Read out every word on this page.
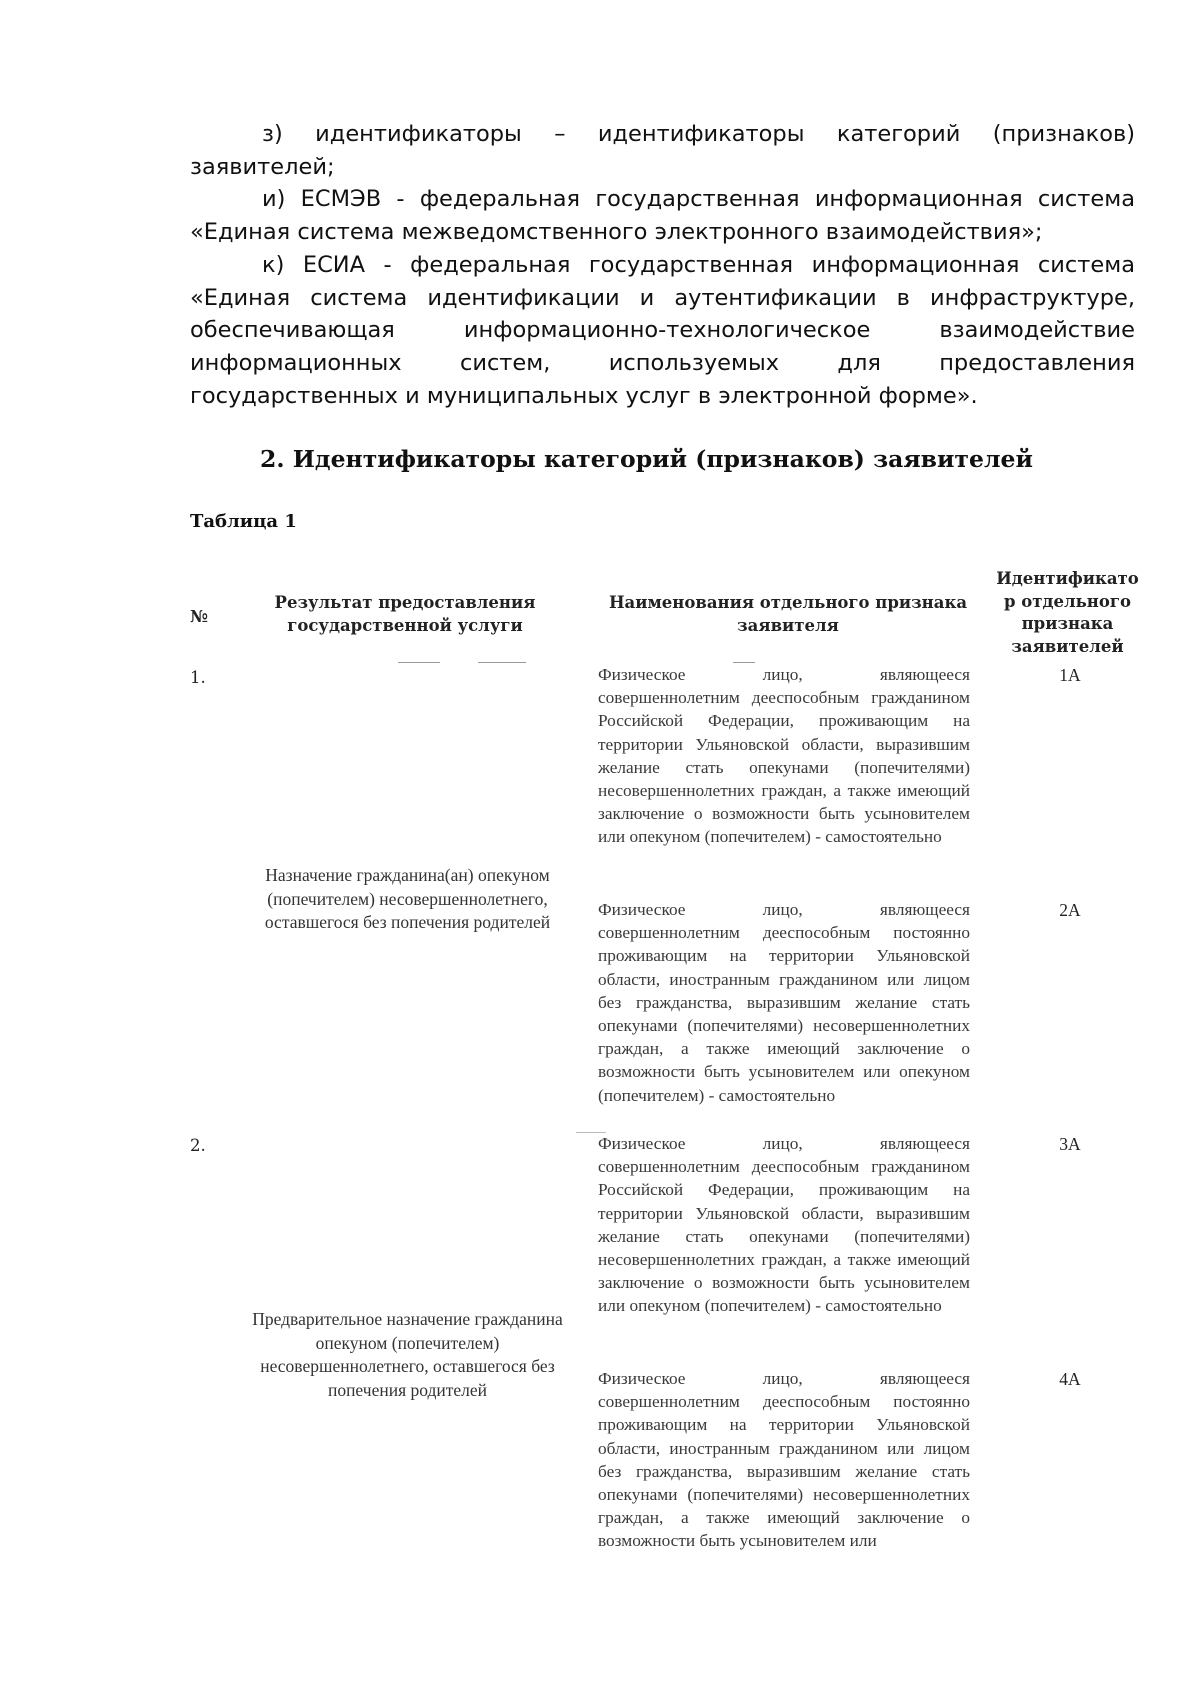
з) идентификаторы – идентификаторы категорий (признаков) заявителей;

и) ЕСМЭВ - федеральная государственная информационная система «Единая система межведомственного электронного взаимодействия»;

к) ЕСИА - федеральная государственная информационная система «Единая система идентификации и аутентификации в инфраструктуре, обеспечивающая информационно-технологическое взаимодействие информационных систем, используемых для предоставления государственных и муниципальных услуг в электронной форме».

2. Идентификаторы категорий (признаков) заявителей
Таблица 1
№
Результат предоставления государственной услуги
Наименования отдельного признака заявителя
Идентификато р отдельного признака заявителей
1.
Назначение гражданина(ан) опекуном (попечителем) несовершеннолетнего, оставшегося без попечения родителей

Физическое лицо, являющееся совершеннолетним дееспособным гражданином Российской Федерации, проживающим на территории Ульяновской области, выразившим желание стать опекунами (попечителями) несовершеннолетних граждан, а также имеющий заключение о возможности быть усыновителем или опекуном (попечителем) - самостоятельно

1А

Физическое лицо, являющееся совершеннолетним дееспособным постоянно проживающим на территории Ульяновской области, иностранным гражданином или лицом без гражданства, выразившим желание стать опекунами (попечителями) несовершеннолетних граждан, а также имеющий заключение о возможности быть усыновителем или опекуном (попечителем) - самостоятельно

2А
2.
Предварительное назначение гражданина опекуном (попечителем) несовершеннолетнего, оставшегося без попечения родителей

Физическое лицо, являющееся совершеннолетним дееспособным гражданином Российской Федерации, проживающим на территории Ульяновской области, выразившим желание стать опекунами (попечителями) несовершеннолетних граждан, а также имеющий заключение о возможности быть усыновителем или опекуном (попечителем) - самостоятельно

3А

Физическое лицо, являющееся совершеннолетним дееспособным постоянно проживающим на территории Ульяновской области, иностранным гражданином или лицом без гражданства, выразившим желание стать опекунами (попечителями) несовершеннолетних граждан, а также имеющий заключение о возможности быть усыновителем или

4А
